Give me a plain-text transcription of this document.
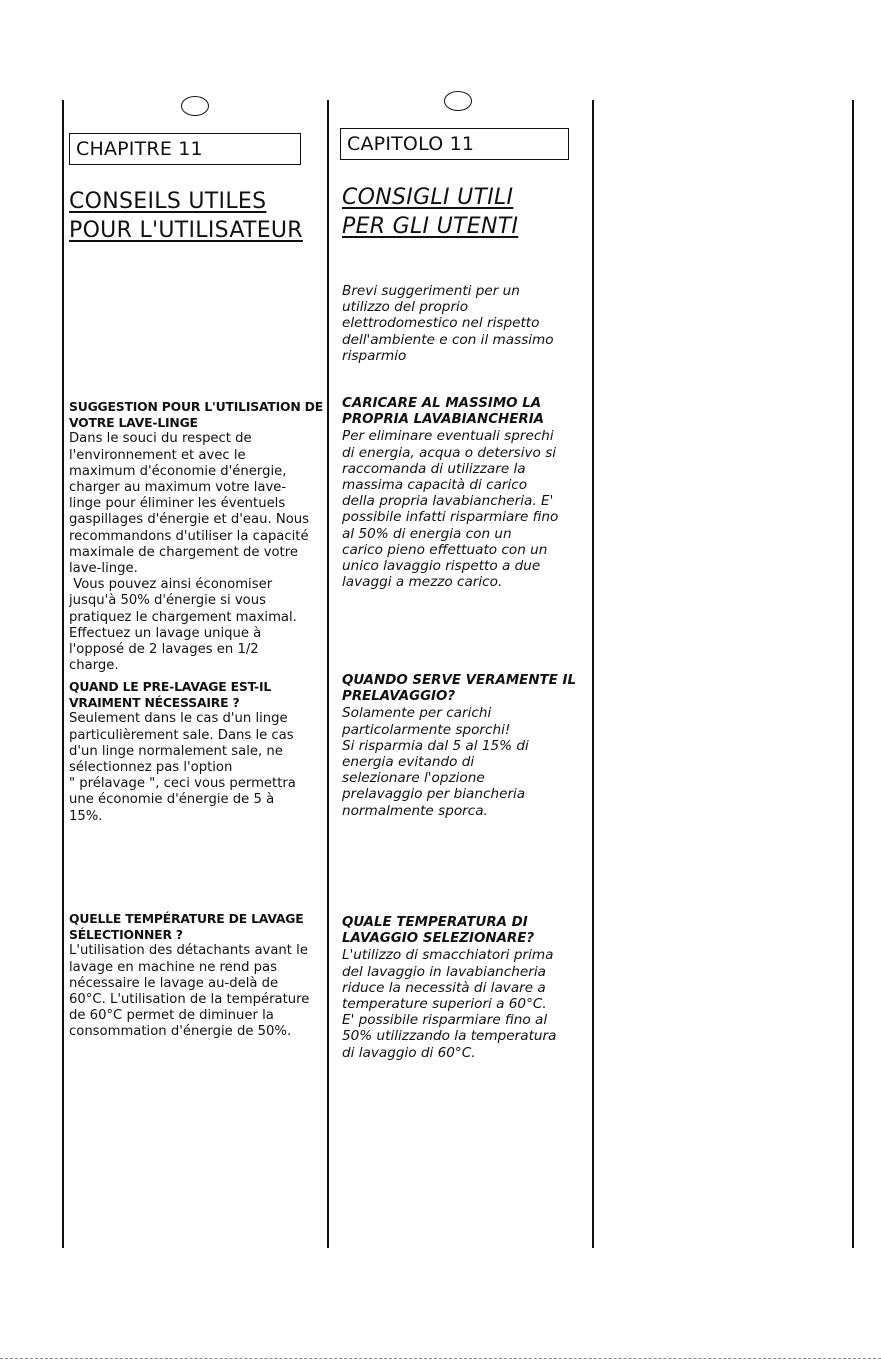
CHAPITRE 11
CONSEILS UTILES
POUR L'UTILISATEUR
SUGGESTION POUR L'UTILISATION DE
VOTRE LAVE-LINGE
Dans le souci du respect de
l'environnement et avec le
maximum d'économie d'énergie,
charger au maximum votre lave-
linge pour éliminer les éventuels
gaspillages d'énergie et d'eau. Nous
recommandons d'utiliser la capacité
maximale de chargement de votre
lave-linge.
Vous pouvez ainsi économiser
jusqu'à 50% d'énergie si vous
pratiquez le chargement maximal.
Effectuez un lavage unique à
l'opposé de 2 lavages en 1/2
charge.
QUAND LE PRE-LAVAGE EST-IL
VRAIMENT NÉCESSAIRE ?
Seulement dans le cas d'un linge
particulièrement sale. Dans le cas
d'un linge normalement sale, ne
sélectionnez pas l'option
" prélavage ", ceci vous permettra
une économie d'énergie de 5 à
15%.
QUELLE TEMPÉRATURE DE LAVAGE
SÉLECTIONNER ?
L'utilisation des détachants avant le
lavage en machine ne rend pas
nécessaire le lavage au-delà de
60°C. L'utilisation de la température
de 60°C permet de diminuer la
consommation d'énergie de 50%.
CAPITOLO 11
CONSIGLI UTILI
PER GLI UTENTI
Brevi suggerimenti per un
utilizzo del proprio
elettrodomestico nel rispetto
dell'ambiente e con il massimo
risparmio
CARICARE AL MASSIMO LA
PROPRIA LAVABIANCHERIA
Per eliminare eventuali sprechi
di energia, acqua o detersivo si
raccomanda di utilizzare la
massima capacità di carico
della propria lavabiancheria. E'
possibile infatti risparmiare fino
al 50% di energia con un
carico pieno effettuato con un
unico lavaggio rispetto a due
lavaggi a mezzo carico.
QUANDO SERVE VERAMENTE IL
PRELAVAGGIO?
Solamente per carichi
particolarmente sporchi!
Si risparmia dal 5 al 15% di
energia evitando di
selezionare l'opzione
prelavaggio per biancheria
normalmente sporca.
QUALE TEMPERATURA DI
LAVAGGIO SELEZIONARE?
L'utilizzo di smacchiatori prima
del lavaggio in lavabiancheria
riduce la necessità di lavare a
temperature superiori a 60°C.
E' possibile risparmiare fino al
50% utilizzando la temperatura
di lavaggio di 60°C.
